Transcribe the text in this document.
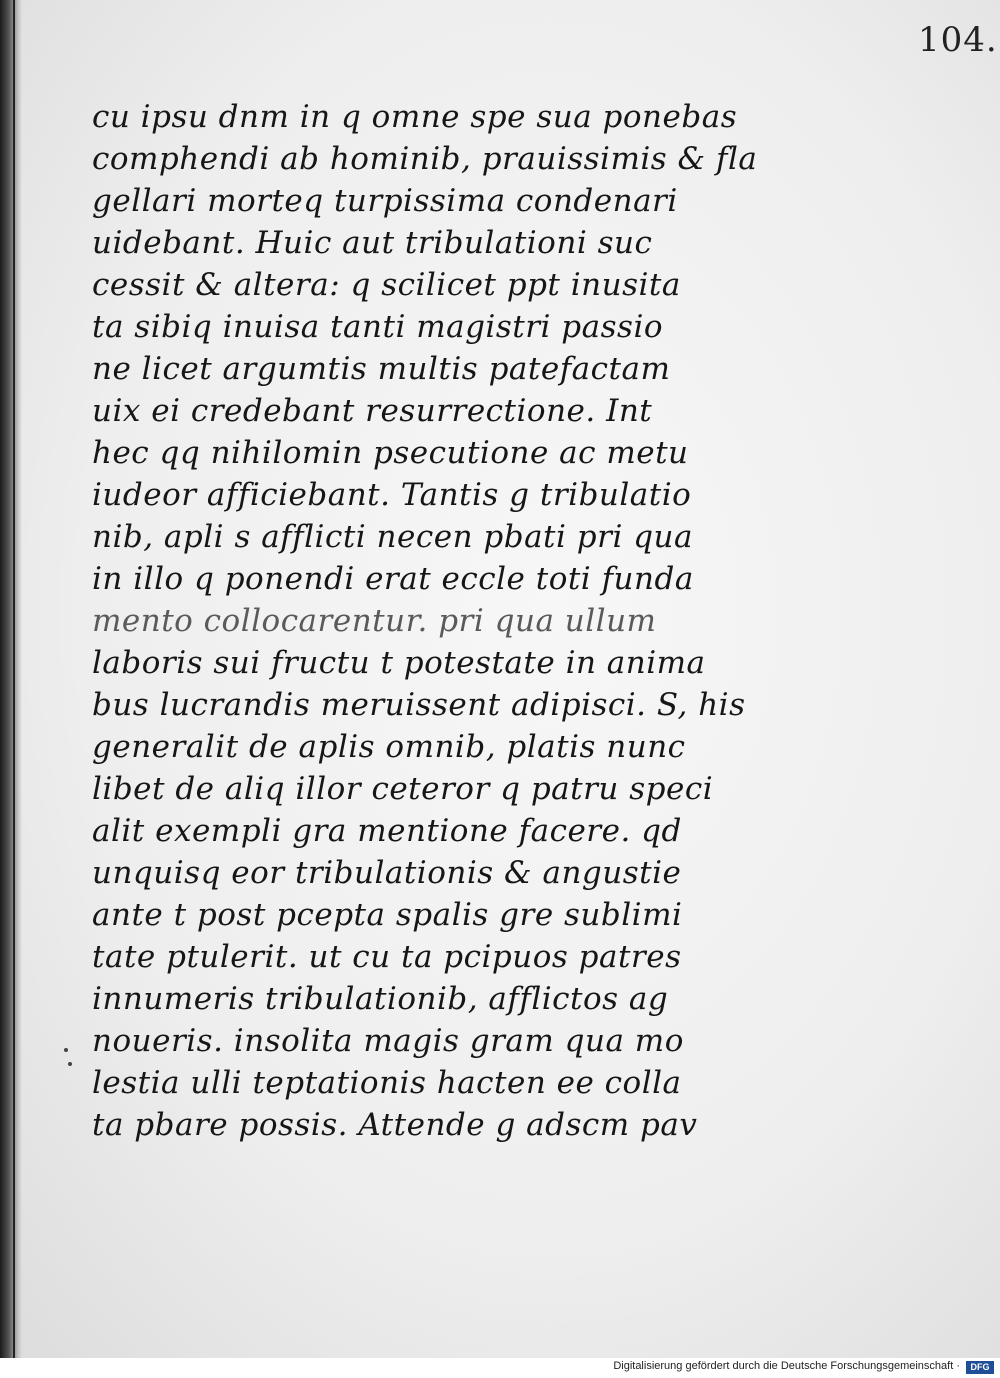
104.
cu ipsu dnm in q omne spe sua ponebas
comphendi ab hominib, prauissimis & fla
gellari morteq turpissima condenari
uidebant. Huic aut tribulationi suc
cessit & altera: q scilicet ppt inusita
ta sibiq inuisa tanti magistri passio
ne licet argumtis multis patefactam
uix ei credebant resurrectione. Int
hec qq nihilomin psecutione ac metu
iudeor afficiebant. Tantis g tribulatio
nib, apli s afflicti necen pbati pri qua
in illo q ponendi erat eccle toti funda
mento collocarentur. pri qua ullum
laboris sui fructu t potestate in anima
bus lucrandis meruissent adipisci. S, his
generalit de aplis omnib, platis nunc
libet de aliq illor ceteror q patru speci
alit exempli gra mentione facere. qd
unquisq eor tribulationis & angustie
ante t post pcepta spalis gre sublimi
tate ptulerit. ut cu ta pcipuos patres
innumeris tribulationib, afflictos ag
noueris. insolita magis gram qua mo
lestia ulli teptationis hacten ee colla
ta pbare possis. Attende g adscm pav
Digitalisierung gefördert durch die Deutsche Forschungsgemeinschaft ·	DFG
